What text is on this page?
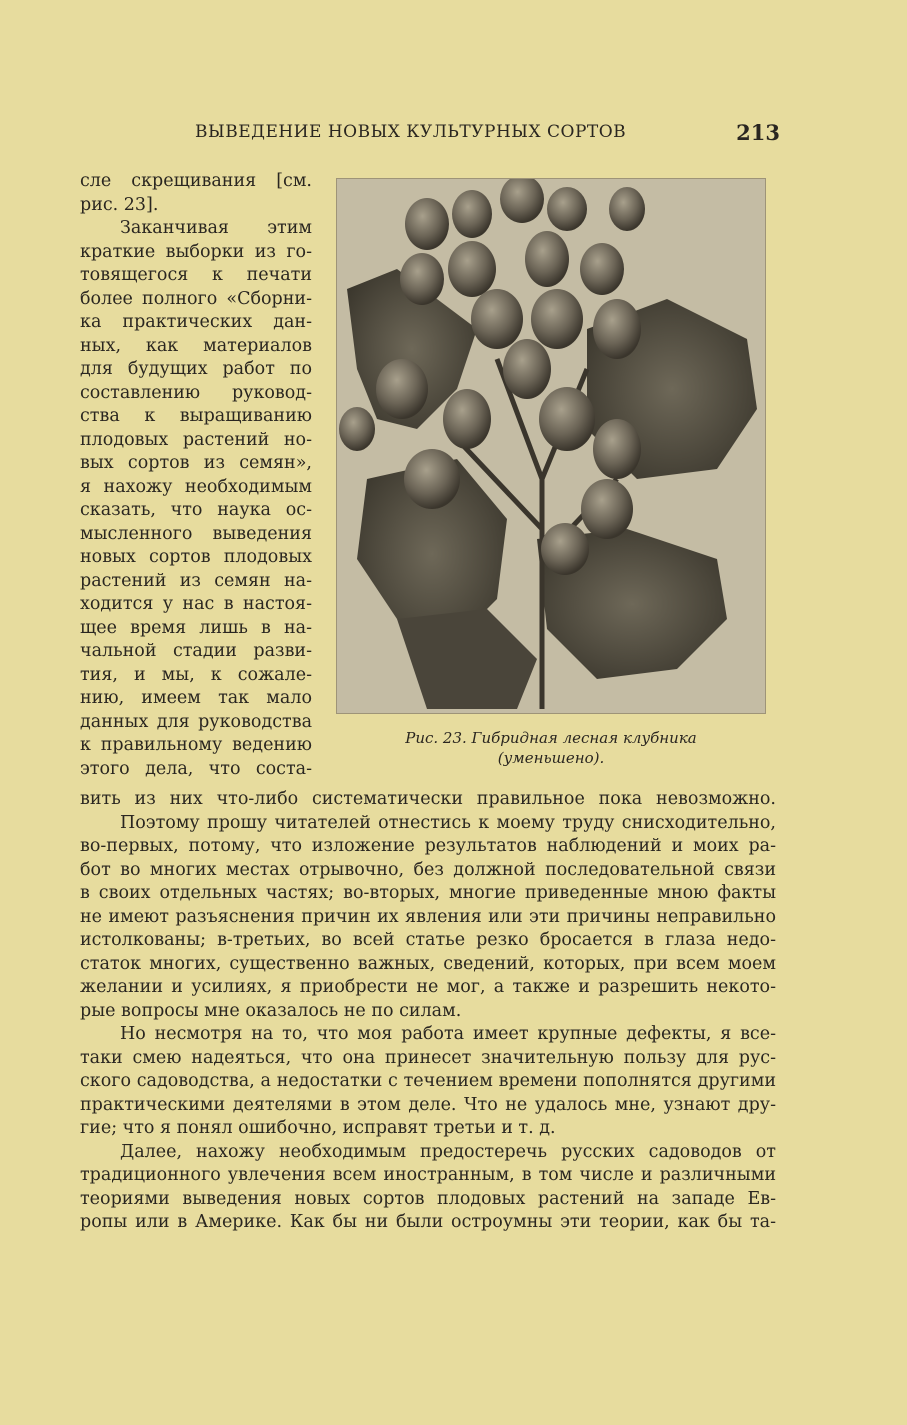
ВЫВЕДЕНИЕ НОВЫХ КУЛЬТУРНЫХ СОРТОВ	213
Рис. 23. Гибридная лесная клубника
(уменьшено).
сле скрещивания [см.
рис. 23].
Заканчивая этим
краткие выборки из го-
товящегося к печати
более полного «Сборни-
ка практических дан-
ных, как материалов
для будущих работ по
составлению руковод-
ства к выращиванию
плодовых растений но-
вых сортов из семян»,
я нахожу необходимым
сказать, что наука ос-
мысленного выведения
новых сортов плодовых
растений из семян на-
ходится у нас в настоя-
щее время лишь в на-
чальной стадии разви-
тия, и мы, к сожале-
нию, имеем так мало
данных для руководства
к правильному ведению
этого дела, что соста-
вить из них что-либо систематически правильное пока невозможно.
Поэтому прошу читателей отнестись к моему труду снисходительно,
во-первых, потому, что изложение результатов наблюдений и моих ра-
бот во многих местах отрывочно, без должной последовательной связи
в своих отдельных частях; во-вторых, многие приведенные мною факты
не имеют разъяснения причин их явления или эти причины неправильно
истолкованы; в-третьих, во всей статье резко бросается в глаза недо-
статок многих, существенно важных, сведений, которых, при всем моем
желании и усилиях, я приобрести не мог, а также и разрешить некото-
рые вопросы мне оказалось не по силам.
Но несмотря на то, что моя работа имеет крупные дефекты, я все-
таки смею надеяться, что она принесет значительную пользу для рус-
ского садоводства, а недостатки с течением времени пополнятся другими
практическими деятелями в этом деле. Что не удалось мне, узнают дру-
гие; что я понял ошибочно, исправят третьи и т. д.
Далее, нахожу необходимым предостеречь русских садоводов от
традиционного увлечения всем иностранным, в том числе и различными
теориями выведения новых сортов плодовых растений на западе Ев-
ропы или в Америке. Как бы ни были остроумны эти теории, как бы та-
